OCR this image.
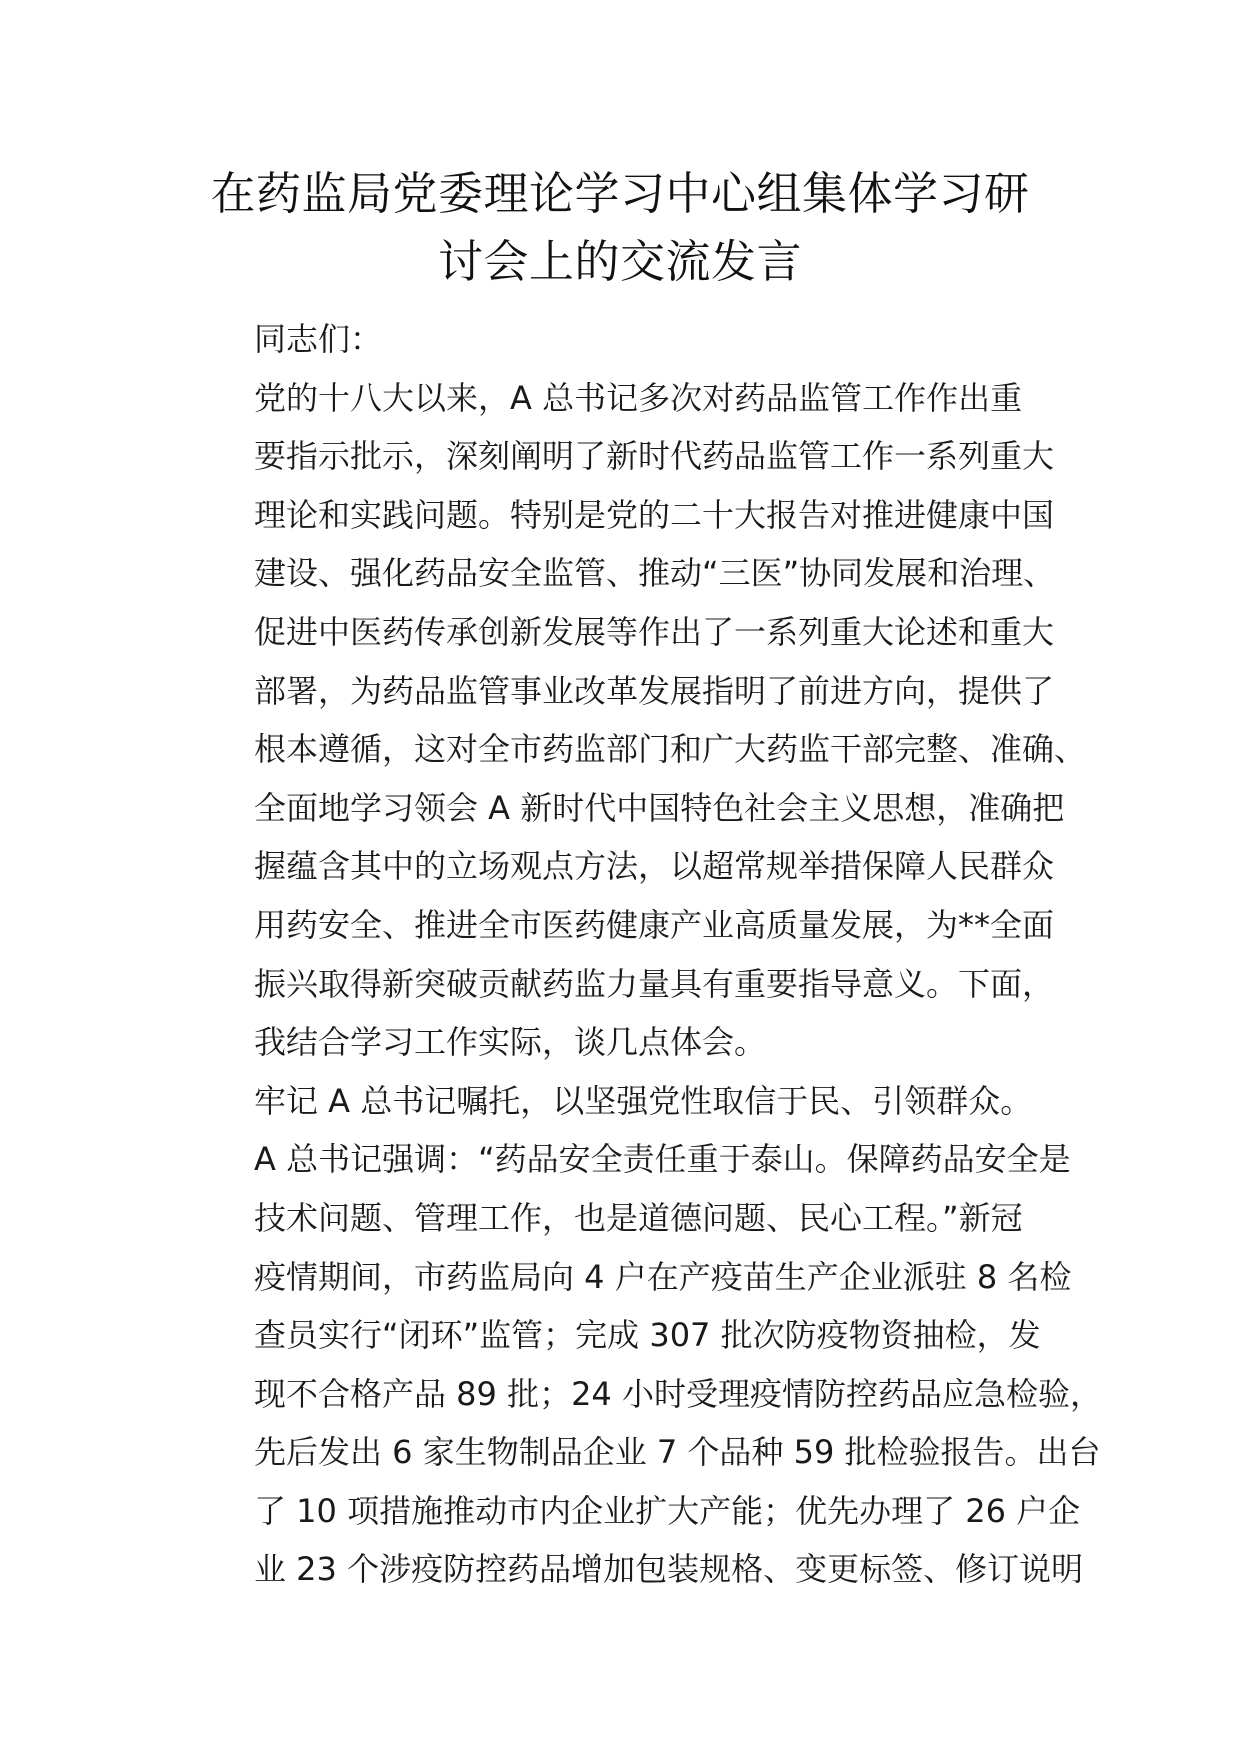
在药监局党委理论学习中心组集体学习研
讨会上的交流发言

同志们：

党的十八大以来，A 总书记多次对药品监管工作作出重
要指示批示，深刻阐明了新时代药品监管工作一系列重大
理论和实践问题。特别是党的二十大报告对推进健康中国
建设、强化药品安全监管、推动“三医”协同发展和治理、
促进中医药传承创新发展等作出了一系列重大论述和重大
部署，为药品监管事业改革发展指明了前进方向，提供了
根本遵循，这对全市药监部门和广大药监干部完整、准确、
全面地学习领会 A 新时代中国特色社会主义思想，准确把
握蕴含其中的立场观点方法，以超常规举措保障人民群众
用药安全、推进全市医药健康产业高质量发展，为**全面
振兴取得新突破贡献药监力量具有重要指导意义。下面，
我结合学习工作实际，谈几点体会。

牢记 A 总书记嘱托，以坚强党性取信于民、引领群众。
A 总书记强调：“药品安全责任重于泰山。保障药品安全是
技术问题、管理工作，也是道德问题、民心工程。”新冠
疫情期间，市药监局向 4 户在产疫苗生产企业派驻 8 名检
查员实行“闭环”监管；完成 307 批次防疫物资抽检，发
现不合格产品 89 批；24 小时受理疫情防控药品应急检验，
先后发出 6 家生物制品企业 7 个品种 59 批检验报告。出台
了 10 项措施推动市内企业扩大产能；优先办理了 26 户企
业 23 个涉疫防控药品增加包装规格、变更标签、修订说明
